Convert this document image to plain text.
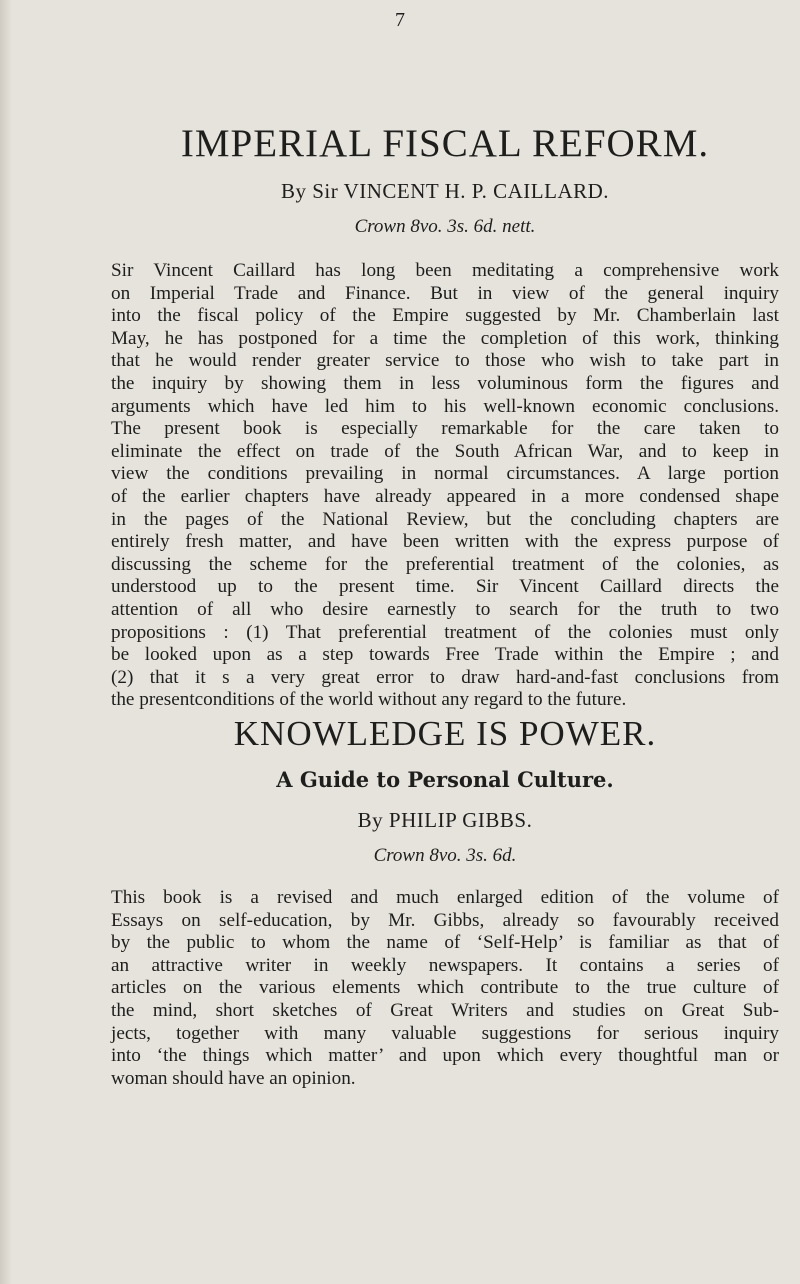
7
IMPERIAL FISCAL REFORM.
By Sir VINCENT H. P. CAILLARD.
Crown 8vo. 3s. 6d. nett.
Sir Vincent Caillard has long been meditating a comprehensive work
on Imperial Trade and Finance. But in view of the general inquiry
into the fiscal policy of the Empire suggested by Mr. Chamberlain last
May, he has postponed for a time the completion of this work, thinking
that he would render greater service to those who wish to take part in
the inquiry by showing them in less voluminous form the figures and
arguments which have led him to his well-known economic conclusions.
The present book is especially remarkable for the care taken to
eliminate the effect on trade of the South African War, and to keep in
view the conditions prevailing in normal circumstances. A large portion
of the earlier chapters have already appeared in a more condensed shape
in the pages of the National Review, but the concluding chapters are
entirely fresh matter, and have been written with the express purpose of
discussing the scheme for the preferential treatment of the colonies, as
understood up to the present time. Sir Vincent Caillard directs the
attention of all who desire earnestly to search for the truth to two
propositions : (1) That preferential treatment of the colonies must only
be looked upon as a step towards Free Trade within the Empire ; and
(2) that it s a very great error to draw hard-and-fast conclusions from
the presentconditions of the world without any regard to the future.
KNOWLEDGE IS POWER.
A Guide to Personal Culture.
By PHILIP GIBBS.
Crown 8vo. 3s. 6d.
This book is a revised and much enlarged edition of the volume of
Essays on self-education, by Mr. Gibbs, already so favourably received
by the public to whom the name of ‘Self-Help’ is familiar as that of
an attractive writer in weekly newspapers. It contains a series of
articles on the various elements which contribute to the true culture of
the mind, short sketches of Great Writers and studies on Great Sub-
jects, together with many valuable suggestions for serious inquiry
into ‘the things which matter’ and upon which every thoughtful man or
woman should have an opinion.
